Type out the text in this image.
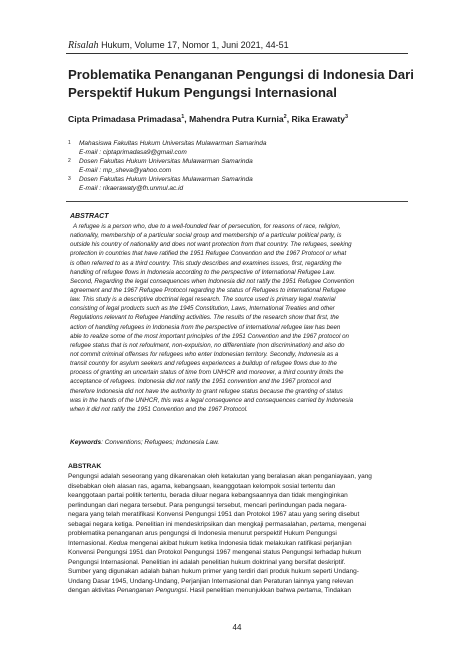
Risalah Hukum, Volume 17, Nomor 1, Juni 2021, 44-51
Problematika Penanganan Pengungsi di Indonesia Dari
Perspektif Hukum Pengungsi Internasional
Cipta Primadasa Primadasa$^1$, Mahendra Putra Kurnia$^2$, Rika Erawaty$^3$
1 Mahasiswa Fakultas Hukum Universitas Mulawarman Samarinda
E-mail : ciptaprimadasa9@gmail.com
2 Dosen Fakultas Hukum Universitas Mulawarman Samarinda
E-mail : mp_sheva@yahoo.com
3 Dosen Fakultas Hukum Universitas Mulawarman Samarinda
E-mail : rikaerawaty@fh.unmul.ac.id
ABSTRACT
A refugee is a person who, due to a well-founded fear of persecution, for reasons of race, religion,
nationality, membership of a particular social group and membership of a particular political party, is
outside his country of nationality and does not want protection from that country. The refugees, seeking
protection in countries that have ratified the 1951 Refugee Convention and the 1967 Protocol or what
is often referred to as a third country. This study describes and examines issues, first, regarding the
handling of refugee flows in Indonesia according to the perspective of International Refugee Law.
Second, Regarding the legal consequences when Indonesia did not ratify the 1951 Refugee Convention
agreement and the 1967 Refugee Protocol regarding the status of Refugees to international Refugee
law. This study is a descriptive doctrinal legal research. The source used is primary legal material
consisting of legal products such as the 1945 Constitution, Laws, International Treaties and other
Regulations relevant to Refugee Handling activities. The results of the research show that first, the
action of handling refugees in Indonesia from the perspective of international refugee law has been
able to realize some of the most important principles of the 1951 Convention and the 1967 protocol on
refugee status that is not refoulment, non-expulsion, no differentiate (non discrimination) and also do
not commit criminal offenses for refugees who enter Indonesian territory. Secondly, Indonesia as a
transit country for asylum seekers and refugees experiences a buildup of refugee flows due to the
process of granting an uncertain status of time from UNHCR and moreover, a third country limits the
acceptance of refugees. Indonesia did not ratify the 1951 convention and the 1967 protocol and
therefore Indonesia did not have the authority to grant refugee status because the granting of status
was in the hands of the UNHCR, this was a legal consequence and consequences carried by Indonesia
when it did not ratify the 1951 Convention and the 1967 Protocol.
Keywords: Conventions; Refugees; Indonesia Law.
ABSTRAK
Pengungsi adalah seseorang yang dikarenakan oleh ketakutan yang beralasan akan penganiayaan, yang
disebabkan oleh alasan ras, agama, kebangsaan, keanggotaan kelompok sosial tertentu dan
keanggotaan partai politik tertentu, berada diluar negara kebangsaannya dan tidak menginginkan
perlindungan dari negara tersebut. Para pengungsi tersebut, mencari perlindungan pada negara-
negara yang telah meratifikasi Konvensi Pengungsi 1951 dan Protokol 1967 atau yang sering disebut
sebagai negara ketiga. Penelitian ini mendeskripsikan dan mengkaji permasalahan, pertama, mengenai
problematika penanganan arus pengungsi di Indonesia menurut perspektif Hukum Pengungsi
Internasional. Kedua mengenai akibat hukum ketika Indonesia tidak melakukan ratifikasi perjanjian
Konvensi Pengungsi 1951 dan Protokol Pengungsi 1967 mengenai status Pengungsi terhadap hukum
Pengungsi Internasional. Penelitian ini adalah penelitian hukum doktrinal yang bersifat deskriptif.
Sumber yang digunakan adalah bahan hukum primer yang terdiri dari produk hukum seperti Undang-
Undang Dasar 1945, Undang-Undang, Perjanjian Internasional dan Peraturan lainnya yang relevan
dengan aktivitas Penanganan Pengungsi. Hasil penelitian menunjukkan bahwa pertama, Tindakan
44
